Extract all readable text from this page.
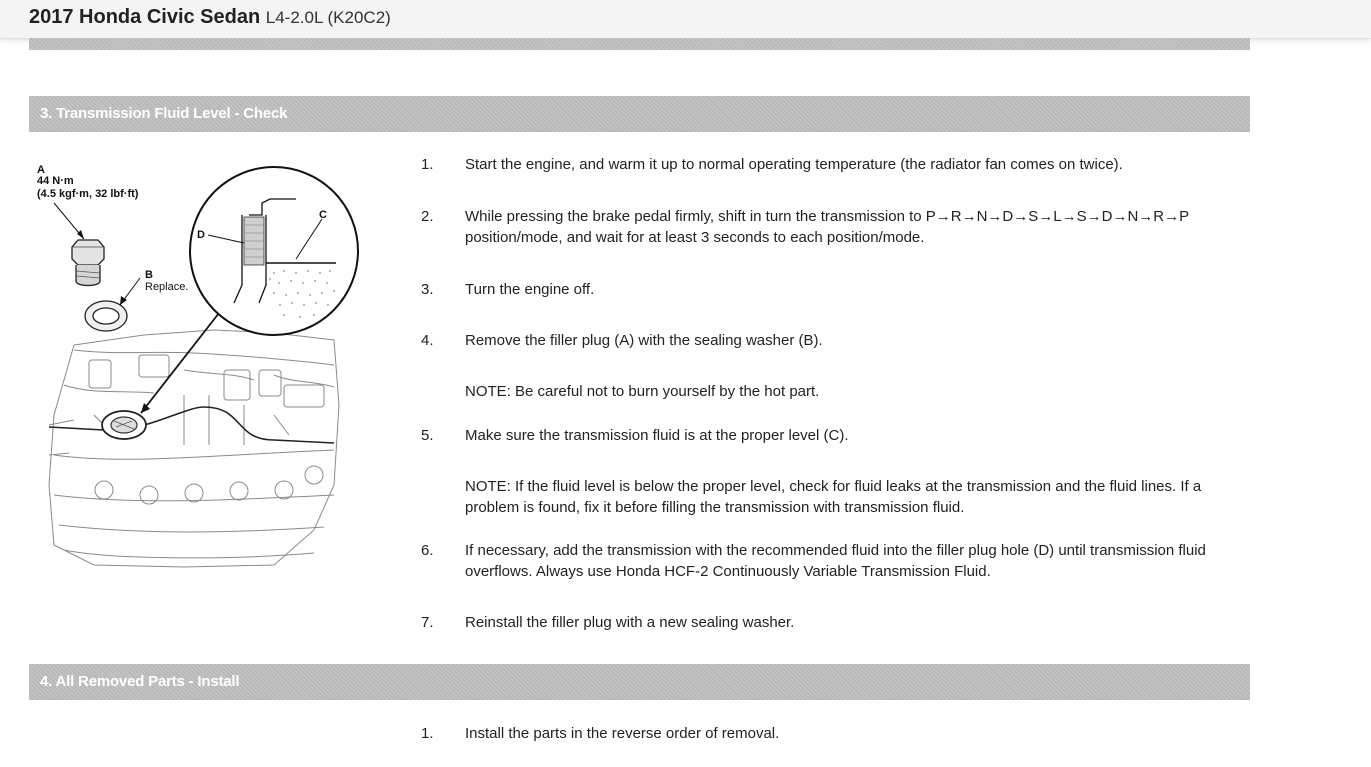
2017 Honda Civic Sedan L4-2.0L (K20C2)
3. Transmission Fluid Level - Check
A
44 N·m
(4.5 kgf·m, 32 lbf·ft)
B
Replace.
C
D
1.	Start the engine, and warm it up to normal operating temperature (the radiator fan comes on twice).
2.	While pressing the brake pedal firmly, shift in turn the transmission to P→R→N→D→S→L→S→D→N→R→P position/mode, and wait for at least 3 seconds to each position/mode.
3.	Turn the engine off.
4.	Remove the filler plug (A) with the sealing washer (B).
NOTE: Be careful not to burn yourself by the hot part.
5.	Make sure the transmission fluid is at the proper level (C).
NOTE: If the fluid level is below the proper level, check for fluid leaks at the transmission and the fluid lines. If a problem is found, fix it before filling the transmission with transmission fluid.
6.	If necessary, add the transmission with the recommended fluid into the filler plug hole (D) until transmission fluid overflows. Always use Honda HCF-2 Continuously Variable Transmission Fluid.
7.	Reinstall the filler plug with a new sealing washer.
4. All Removed Parts - Install
1.	Install the parts in the reverse order of removal.
